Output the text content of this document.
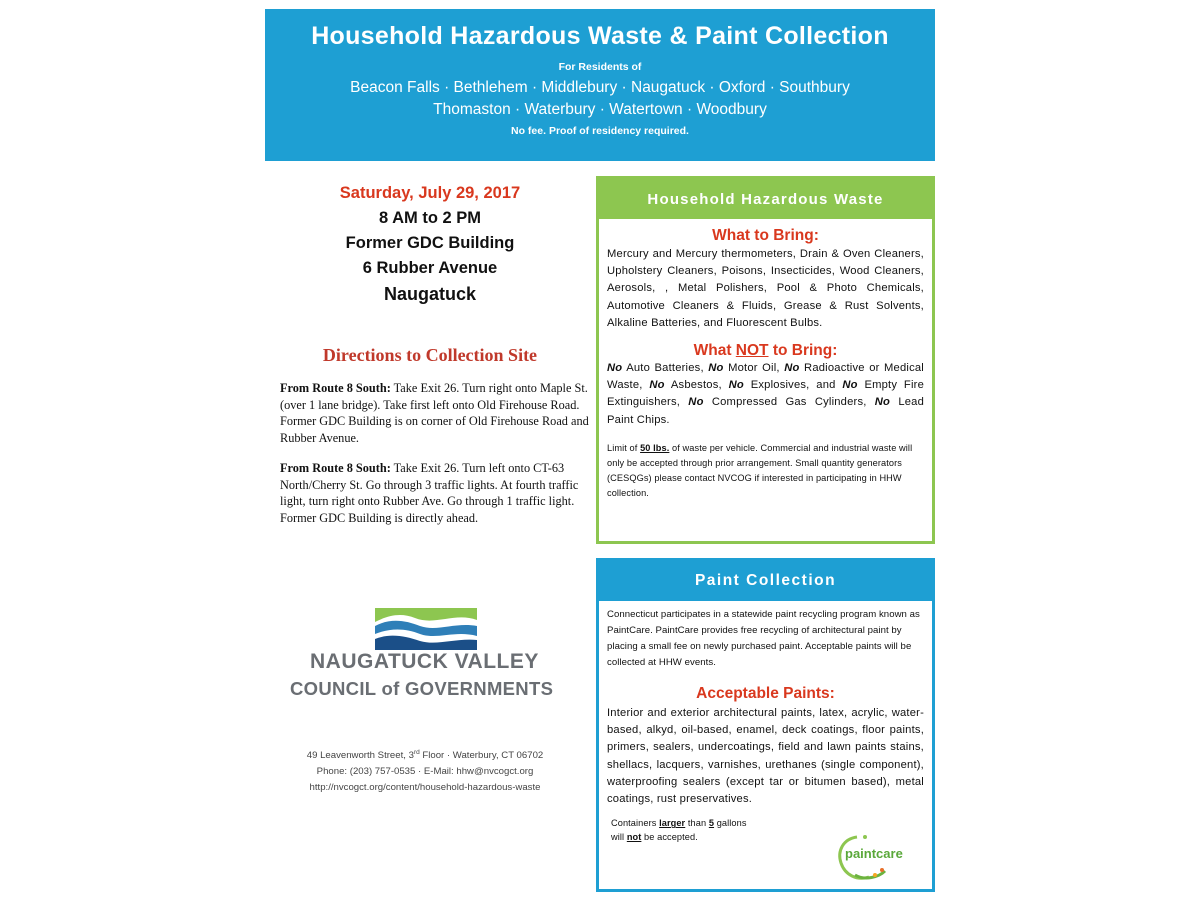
Household Hazardous Waste & Paint Collection
For Residents of
Beacon Falls · Bethlehem · Middlebury · Naugatuck · Oxford · Southbury
Thomaston · Waterbury · Watertown · Woodbury
No fee. Proof of residency required.
Saturday, July 29, 2017
8 AM to 2 PM
Former GDC Building
6 Rubber Avenue
Naugatuck
Directions to Collection Site

From Route 8 South: Take Exit 26. Turn right onto Maple St. (over 1 lane bridge). Take first left onto Old Firehouse Road. Former GDC Building is on corner of Old Firehouse Road and Rubber Avenue.

From Route 8 South: Take Exit 26. Turn left onto CT-63 North/Cherry St. Go through 3 traffic lights. At fourth traffic light, turn right onto Rubber Ave. Go through 1 traffic light. Former GDC Building is directly ahead.

NAUGATUCK VALLEY
COUNCIL of GOVERNMENTS
49 Leavenworth Street, 3rd Floor · Waterbury, CT 06702
Phone: (203) 757-0535 · E-Mail: hhw@nvcogct.org
http://nvcogct.org/content/household-hazardous-waste
Household Hazardous Waste
What to Bring:
Mercury and Mercury thermometers, Drain & Oven Cleaners, Upholstery Cleaners, Poisons, Insecticides, Wood Cleaners, Aerosols, , Metal Polishers, Pool & Photo Chemicals, Automotive Cleaners & Fluids, Grease & Rust Solvents, Alkaline Batteries, and Fluorescent Bulbs.
What NOT to Bring:
No Auto Batteries, No Motor Oil, No Radioactive or Medical Waste, No Asbestos, No Explosives, and No Empty Fire Extinguishers, No Compressed Gas Cylinders, No Lead Paint Chips.
Limit of 50 lbs. of waste per vehicle. Commercial and industrial waste will only be accepted through prior arrangement. Small quantity generators (CESQGs) please contact NVCOG if interested in participating in HHW collection.
Paint Collection
Connecticut participates in a statewide paint recycling program known as PaintCare. PaintCare provides free recycling of architectural paint by placing a small fee on newly purchased paint. Acceptable paints will be collected at HHW events.
Acceptable Paints:
Interior and exterior architectural paints, latex, acrylic, water-based, alkyd, oil-based, enamel, deck coatings, floor paints, primers, sealers, undercoatings, field and lawn paints stains, shellacs, lacquers, varnishes, urethanes (single component), waterproofing sealers (except tar or bitumen based), metal coatings, rust preservatives.
Containers larger than 5 gallons
will not be accepted.
paintcare
